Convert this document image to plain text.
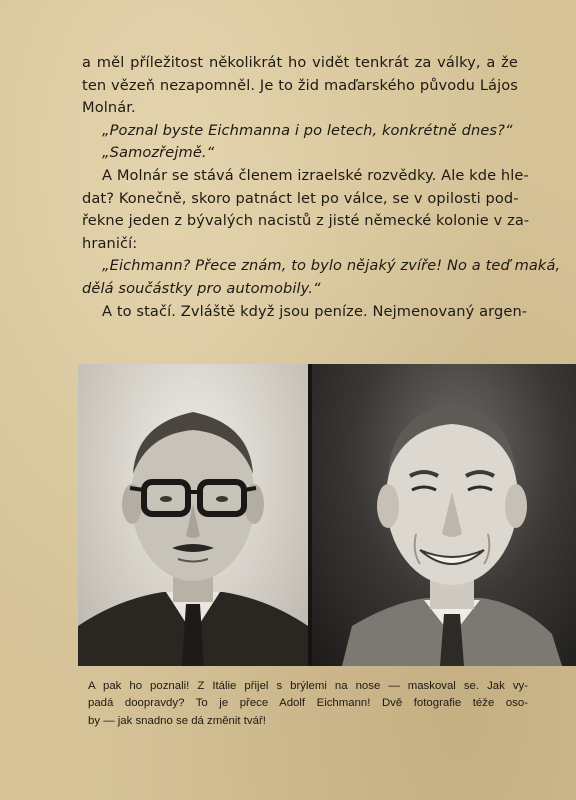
a měl příležitost několikrát ho vidět tenkrát za války, a že
ten vězeň nezapomněl. Je to žid maďarského původu Lájos
Molnár.
„Poznal byste Eichmanna i po letech, konkrétně dnes?“
„Samozřejmě.“
A Molnár se stává členem izraelské rozvědky. Ale kde hle-
dat? Konečně, skoro patnáct let po válce, se v opilosti pod-
řekne jeden z bývalých nacistů z jisté německé kolonie v za-
hraničí:
„Eichmann? Přece znám, to bylo nějaký zvíře! No a teď maká,
dělá součástky pro automobily.“
A to stačí. Zvláště když jsou peníze. Nejmenovaný argen-
A pak ho poznali! Z Itálie přijel s brýlemi na nose — maskoval se. Jak vy-
padá doopravdy? To je přece Adolf Eichmann! Dvě fotografie téže oso-
by — jak snadno se dá změnit tvář!
